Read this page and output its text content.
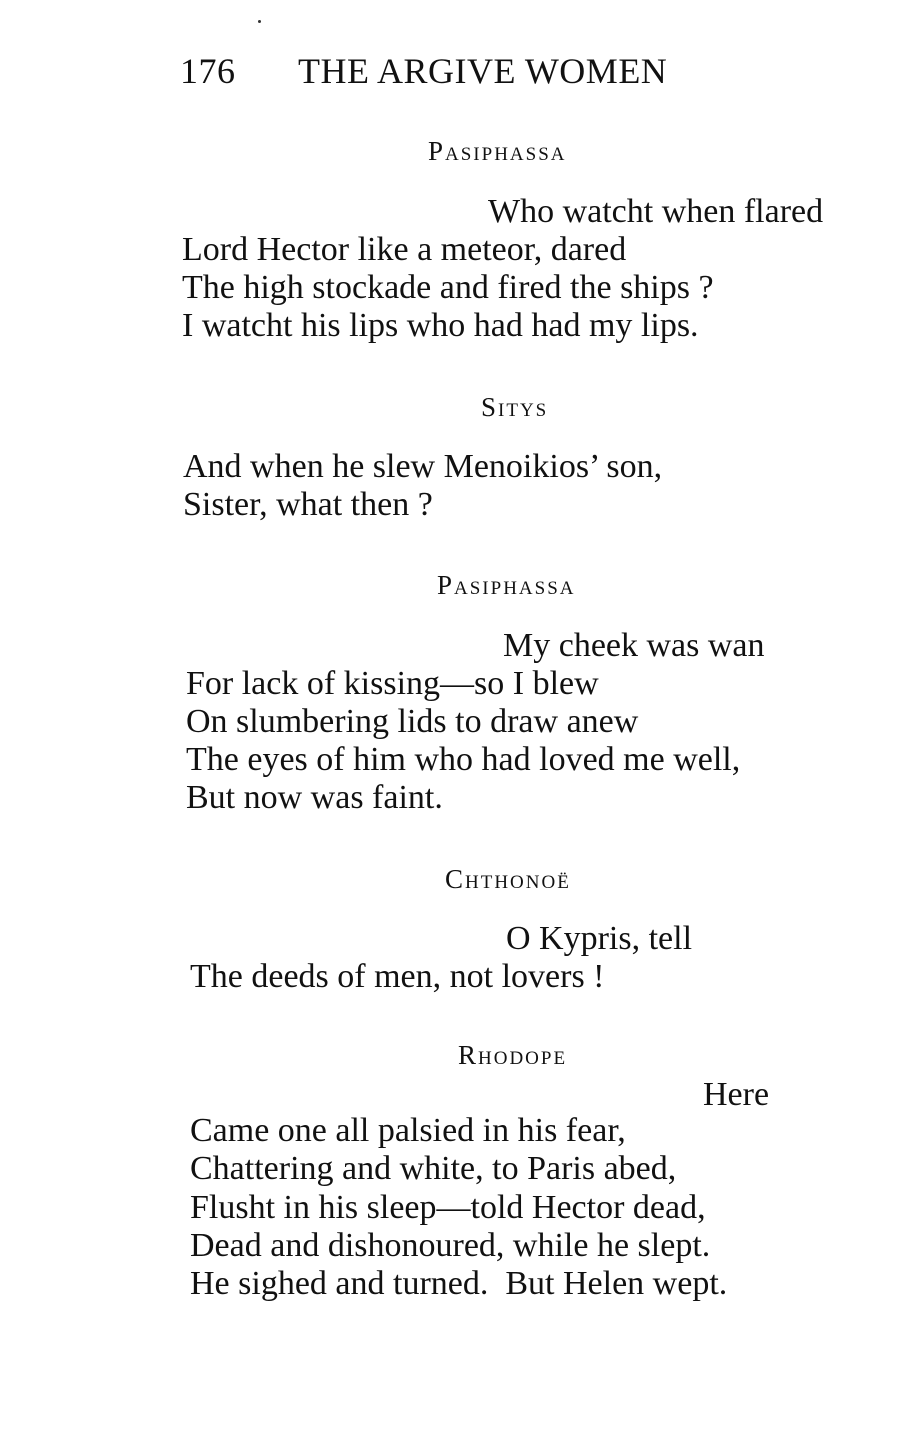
176 THE ARGIVE WOMEN
Pasiphassa
Who watcht when flared
Lord Hector like a meteor, dared
The high stockade and fired the ships ?
I watcht his lips who had had my lips.
Sitys
And when he slew Menoikios’ son,
Sister, what then ?
Pasiphassa
My cheek was wan
For lack of kissing—so I blew
On slumbering lids to draw anew
The eyes of him who had loved me well,
But now was faint.
Chthonoë
O Kypris, tell
The deeds of men, not lovers !
Rhodope
Here
Came one all palsied in his fear,
Chattering and white, to Paris abed,
Flusht in his sleep—told Hector dead,
Dead and dishonoured, while he slept.
He sighed and turned.  But Helen wept.
